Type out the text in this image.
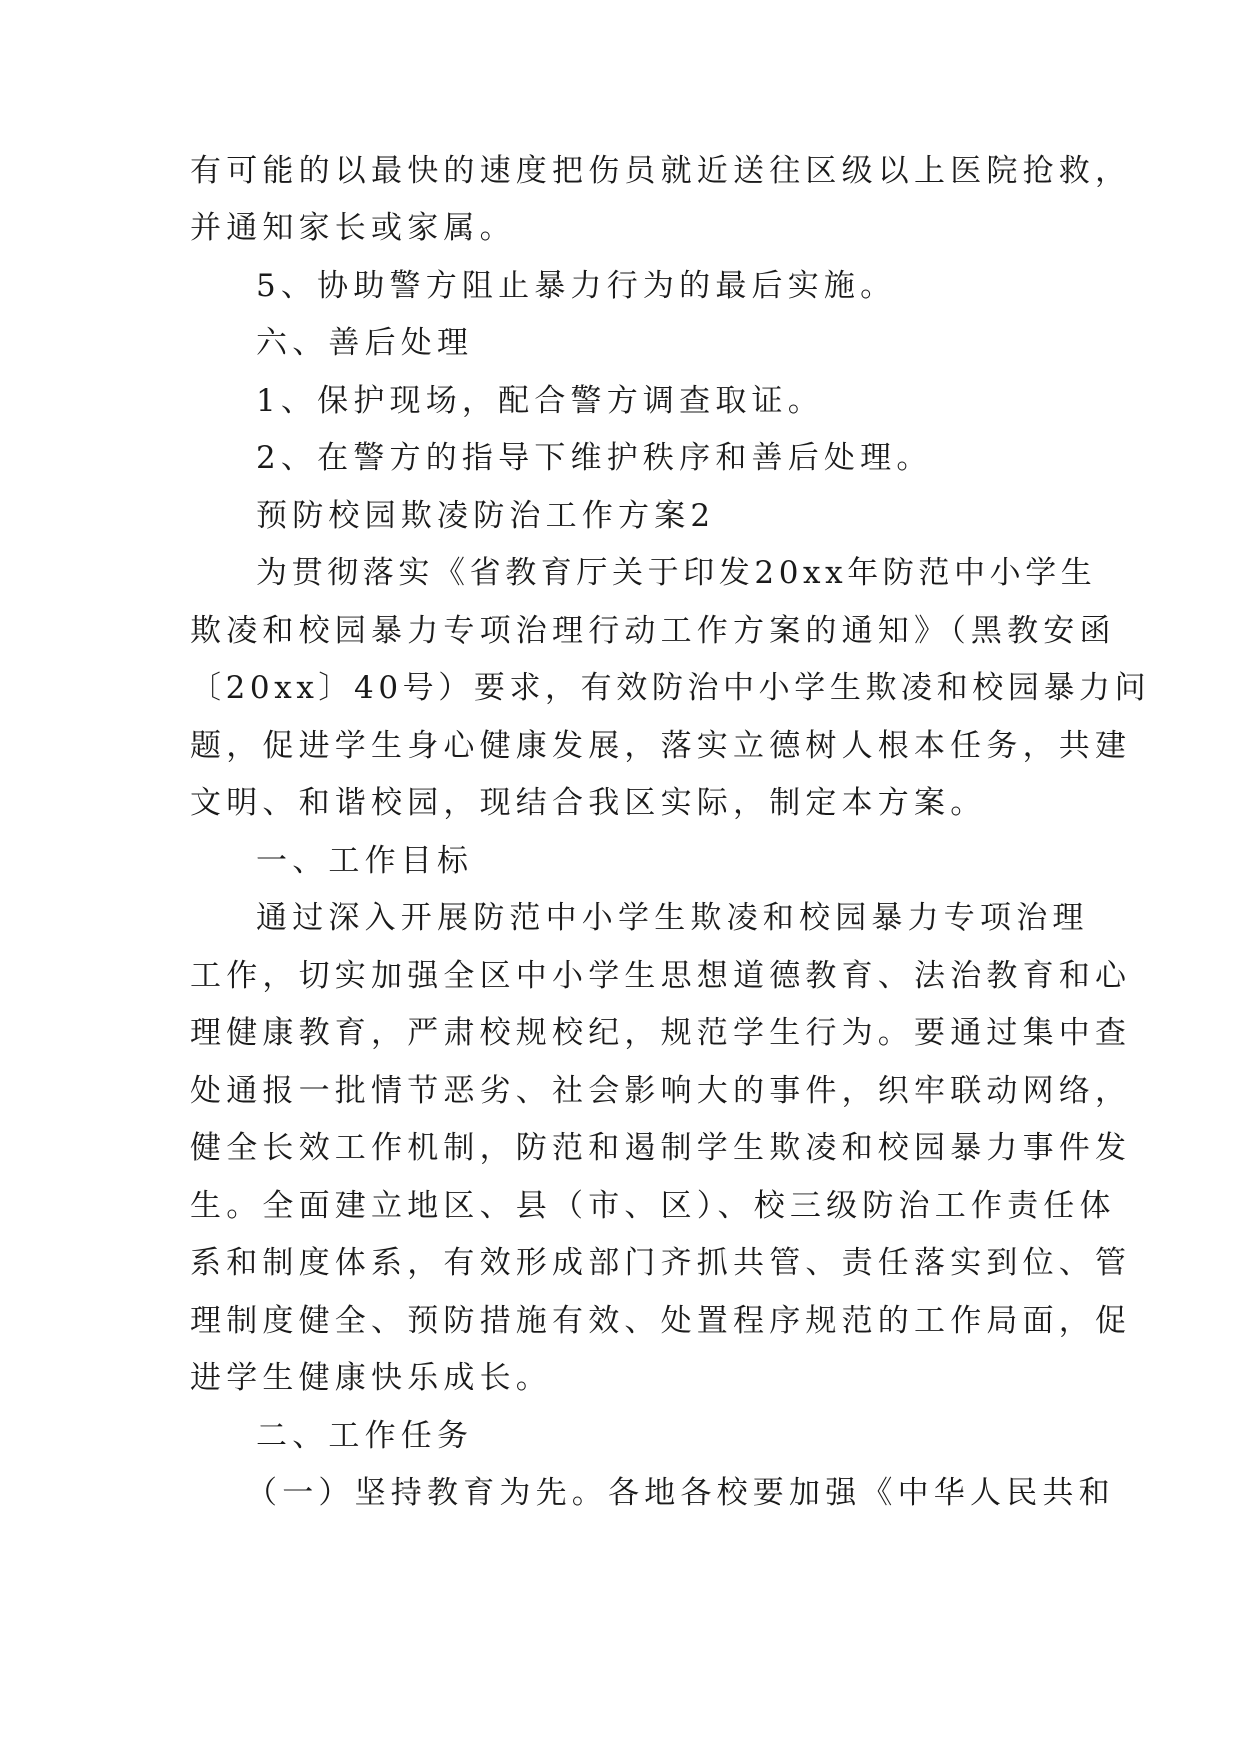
有可能的以最快的速度把伤员就近送往区级以上医院抢救，
并通知家长或家属。
5、协助警方阻止暴力行为的最后实施。
六、善后处理
1、保护现场，配合警方调查取证。
2、在警方的指导下维护秩序和善后处理。
预防校园欺凌防治工作方案2
为贯彻落实《省教育厅关于印发20xx年防范中小学生
欺凌和校园暴力专项治理行动工作方案的通知》（黑教安函
〔20xx〕40号）要求，有效防治中小学生欺凌和校园暴力问
题，促进学生身心健康发展，落实立德树人根本任务，共建
文明、和谐校园，现结合我区实际，制定本方案。
一、工作目标
通过深入开展防范中小学生欺凌和校园暴力专项治理
工作，切实加强全区中小学生思想道德教育、法治教育和心
理健康教育，严肃校规校纪，规范学生行为。要通过集中查
处通报一批情节恶劣、社会影响大的事件，织牢联动网络，
健全长效工作机制，防范和遏制学生欺凌和校园暴力事件发
生。全面建立地区、县（市、区）、校三级防治工作责任体
系和制度体系，有效形成部门齐抓共管、责任落实到位、管
理制度健全、预防措施有效、处置程序规范的工作局面，促
进学生健康快乐成长。
二、工作任务
（一）坚持教育为先。各地各校要加强《中华人民共和
